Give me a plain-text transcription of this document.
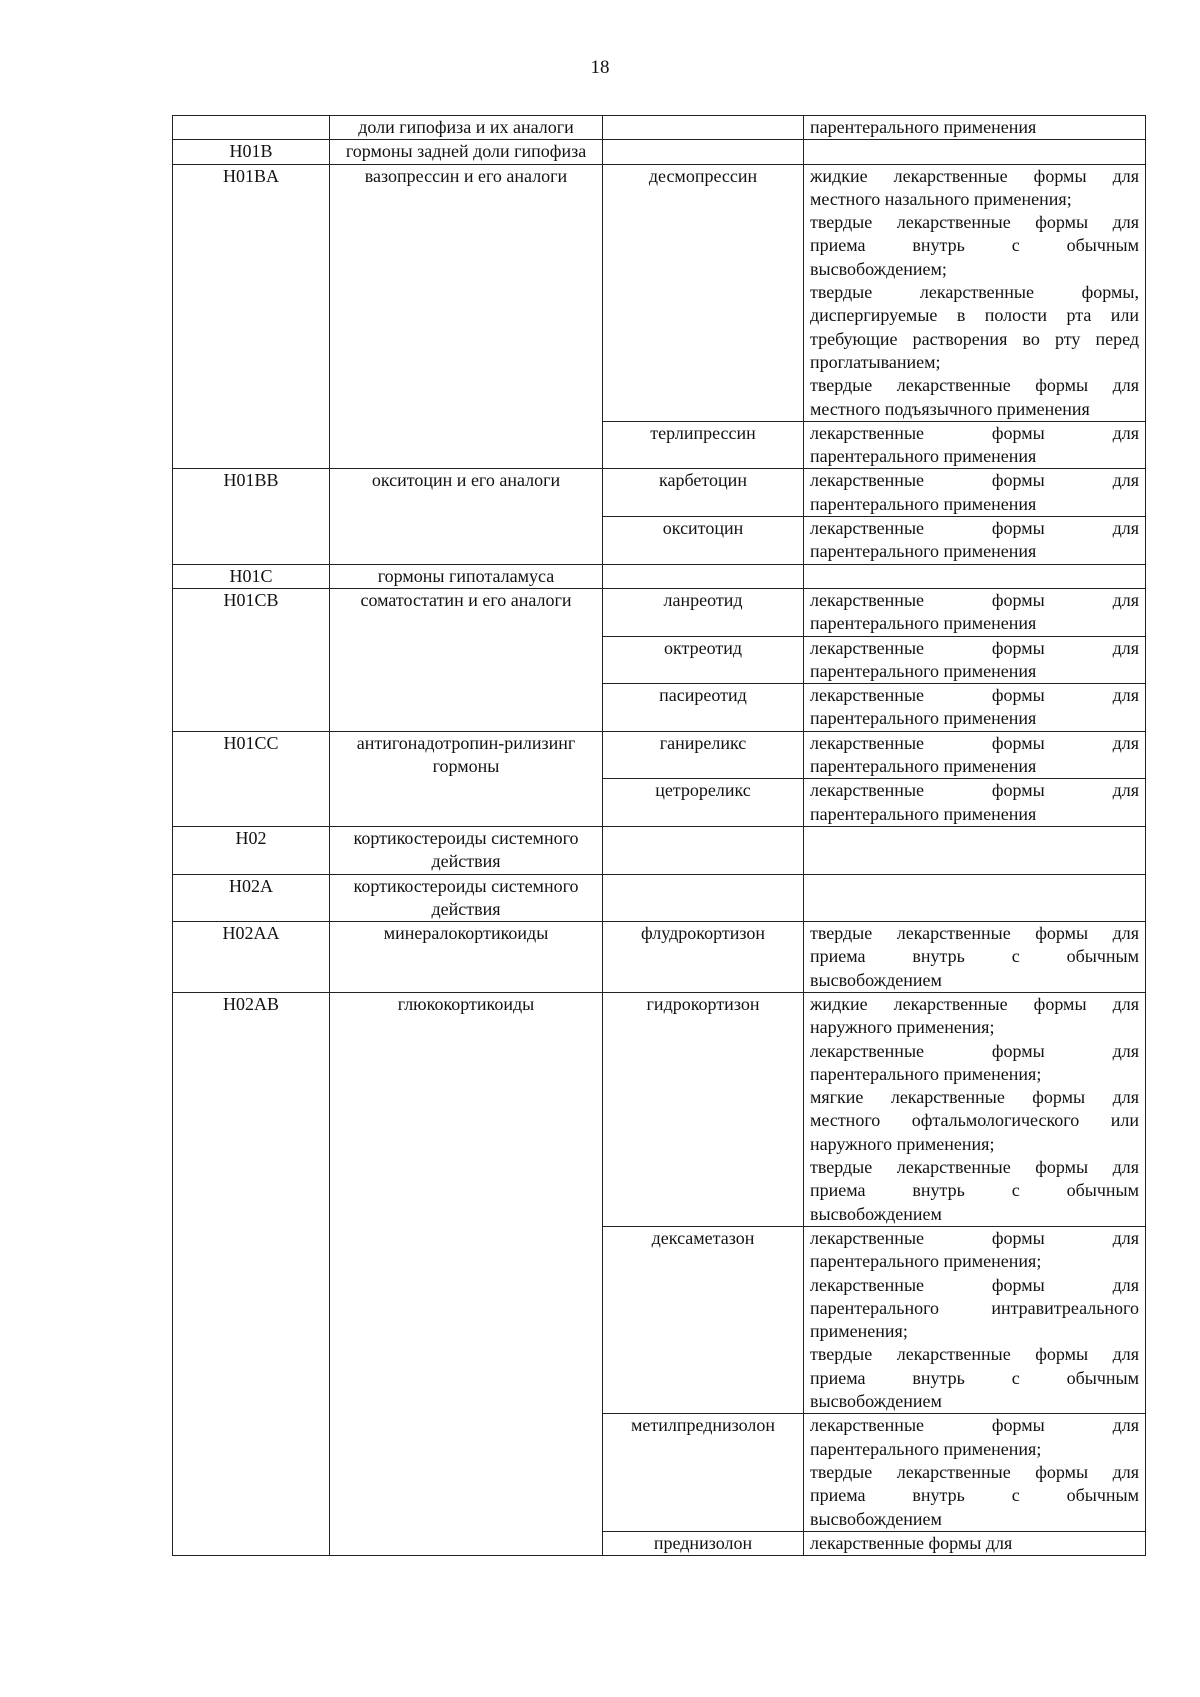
18
	доли гипофиза и их аналоги		парентерального применения

H01B	гормоны задней доли гипофиза		
H01BA	вазопрессин и его аналоги	десмопрессин	жидкие лекарственные формы для местного назального применения;
твердые лекарственные формы для приема внутрь с обычным высвобождением;
твердые лекарственные формы, диспергируемые в полости рта или требующие растворения во рту перед проглатыванием;
твердые лекарственные формы для местного подъязычного применения

		терлипрессин	лекарственные формы для парентерального применения

H01BB	окситоцин и его аналоги	карбетоцин	лекарственные формы для парентерального применения

		окситоцин	лекарственные формы для парентерального применения

H01C	гормоны гипоталамуса		
H01CB	соматостатин и его аналоги	ланреотид	лекарственные формы для парентерального применения

		октреотид	лекарственные формы для парентерального применения

		пасиреотид	лекарственные формы для парентерального применения

H01CC	антигонадотропин-рилизинг гормоны	ганиреликс	лекарственные формы для парентерального применения

		цетрореликс	лекарственные формы для парентерального применения

H02	кортикостероиды системного действия		
H02A	кортикостероиды системного действия		
H02AA	минералокортикоиды	флудрокортизон	твердые лекарственные формы для приема внутрь с обычным высвобождением

H02AB	глюкокортикоиды	гидрокортизон	жидкие лекарственные формы для наружного применения;
лекарственные формы для парентерального применения;
мягкие лекарственные формы для местного офтальмологического или наружного применения;
твердые лекарственные формы для приема внутрь с обычным высвобождением

		дексаметазон	лекарственные формы для парентерального применения;
лекарственные формы для парентерального интравитреального применения;
твердые лекарственные формы для приема внутрь с обычным высвобождением

		метилпреднизолон	лекарственные формы для парентерального применения;
твердые лекарственные формы для приема внутрь с обычным высвобождением

		преднизолон	лекарственные формы для
